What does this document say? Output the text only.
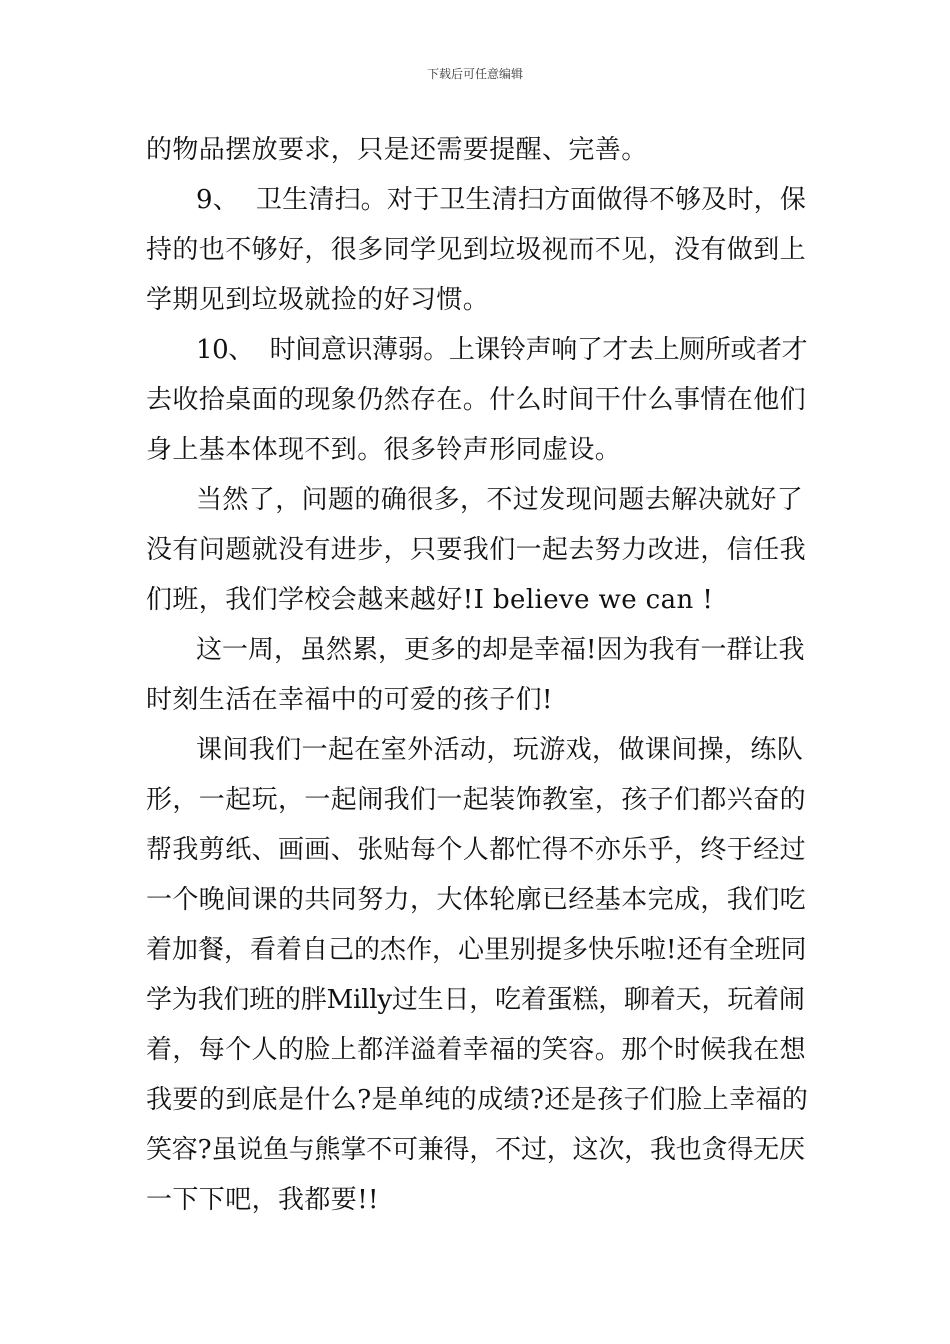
下载后可任意编辑
的物品摆放要求，只是还需要提醒、完善。
9、  卫生清扫。对于卫生清扫方面做得不够及时，保
持的也不够好，很多同学见到垃圾视而不见，没有做到上
学期见到垃圾就捡的好习惯。
10、  时间意识薄弱。上课铃声响了才去上厕所或者才
去收拾桌面的现象仍然存在。什么时间干什么事情在他们
身上基本体现不到。很多铃声形同虚设。
当然了，问题的确很多，不过发现问题去解决就好了
没有问题就没有进步，只要我们一起去努力改进，信任我
们班，我们学校会越来越好!I believe we can !
这一周，虽然累，更多的却是幸福!因为我有一群让我
时刻生活在幸福中的可爱的孩子们!
课间我们一起在室外活动，玩游戏，做课间操，练队
形，一起玩，一起闹我们一起装饰教室，孩子们都兴奋的
帮我剪纸、画画、张贴每个人都忙得不亦乐乎，终于经过
一个晚间课的共同努力，大体轮廓已经基本完成，我们吃
着加餐，看着自己的杰作，心里别提多快乐啦!还有全班同
学为我们班的胖Milly过生日，吃着蛋糕，聊着天，玩着闹
着，每个人的脸上都洋溢着幸福的笑容。那个时候我在想
我要的到底是什么?是单纯的成绩?还是孩子们脸上幸福的
笑容?虽说鱼与熊掌不可兼得，不过，这次，我也贪得无厌
一下下吧，我都要!!
